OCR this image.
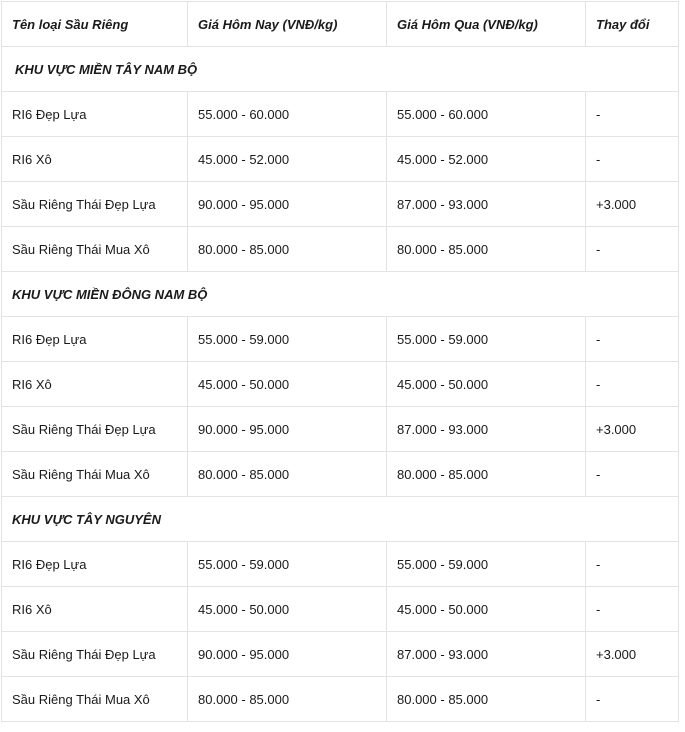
Tên loại Sầu Riêng	Giá Hôm Nay (VNĐ/kg)	Giá Hôm Qua (VNĐ/kg)	Thay đổi
KHU VỰC MIỀN TÂY NAM BỘ			
RI6 Đẹp Lựa	55.000 - 60.000	55.000 - 60.000	-
RI6 Xô	45.000 - 52.000	45.000 - 52.000	-
Sầu Riêng Thái Đẹp Lựa	90.000 - 95.000	87.000 - 93.000	+3.000
Sầu Riêng Thái Mua Xô	80.000 - 85.000	80.000 - 85.000	-
KHU VỰC MIỀN ĐÔNG NAM BỘ			
RI6 Đẹp Lựa	55.000 - 59.000	55.000 - 59.000	-
RI6 Xô	45.000 - 50.000	45.000 - 50.000	-
Sầu Riêng Thái Đẹp Lựa	90.000 - 95.000	87.000 - 93.000	+3.000
Sầu Riêng Thái Mua Xô	80.000 - 85.000	80.000 - 85.000	-
KHU VỰC TÂY NGUYÊN			
RI6 Đẹp Lựa	55.000 - 59.000	55.000 - 59.000	-
RI6 Xô	45.000 - 50.000	45.000 - 50.000	-
Sầu Riêng Thái Đẹp Lựa	90.000 - 95.000	87.000 - 93.000	+3.000
Sầu Riêng Thái Mua Xô	80.000 - 85.000	80.000 - 85.000	-
